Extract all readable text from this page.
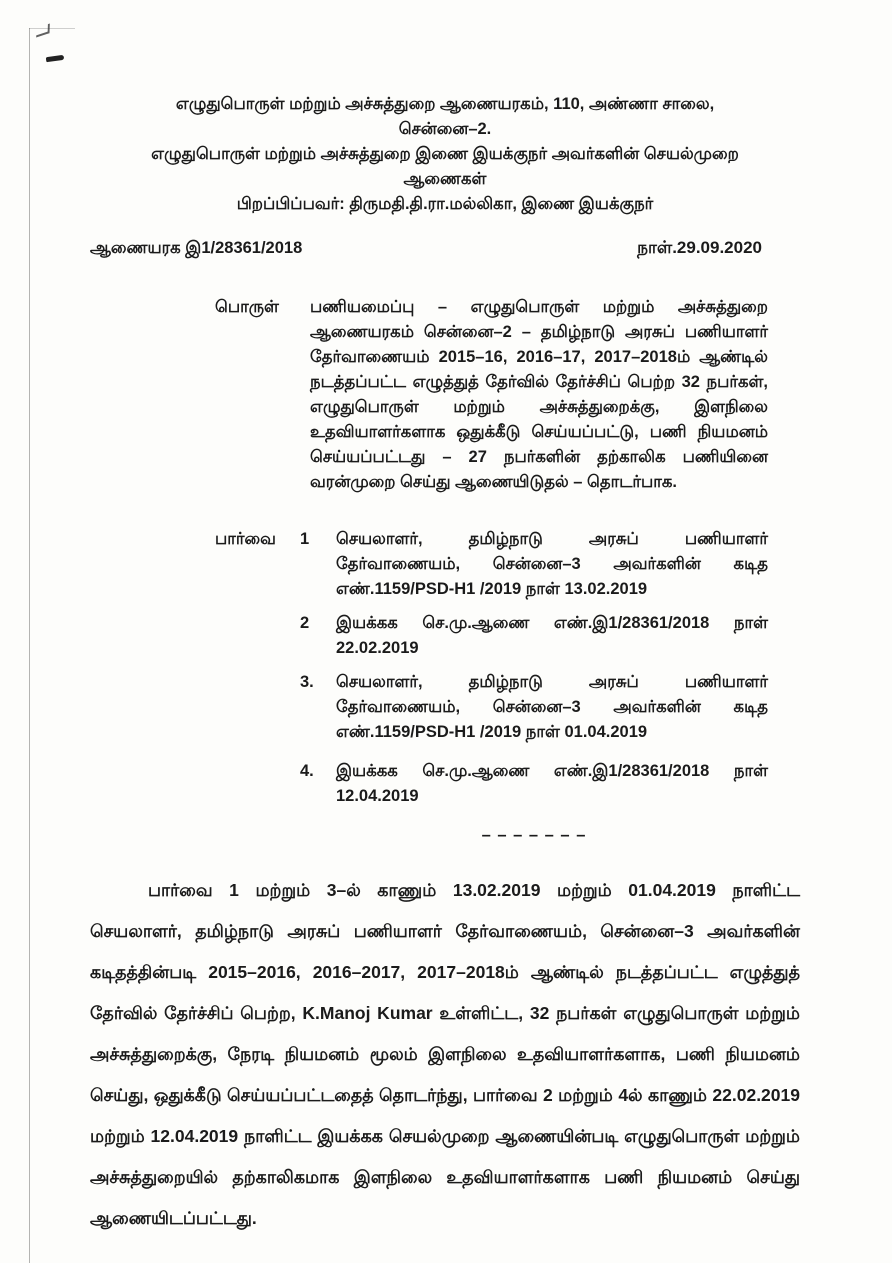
எழுதுபொருள் மற்றும் அச்சுத்துறை ஆணையரகம், 110, அண்ணா சாலை,
சென்னை–2.
எழுதுபொருள் மற்றும் அச்சுத்துறை இணை இயக்குநர் அவர்களின் செயல்முறை ஆணைகள்
பிறப்பிப்பவர்: திருமதி.தி.ரா.மல்லிகா, இணை இயக்குநர்
ஆணையரக இ1/28361/2018	நாள்.29.09.2020
பொருள்	பணியமைப்பு – எழுதுபொருள் மற்றும் அச்சுத்துறை ஆணையரகம் சென்னை–2 – தமிழ்நாடு அரசுப் பணியாளர் தேர்வாணையம் 2015–16, 2016–17, 2017–2018ம் ஆண்டில் நடத்தப்பட்ட எழுத்துத் தேர்வில் தேர்ச்சிப் பெற்ற 32 நபர்கள், எழுதுபொருள் மற்றும் அச்சுத்துறைக்கு, இளநிலை உதவியாளர்களாக ஒதுக்கீடு செய்யப்பட்டு, பணி நியமனம் செய்யப்பட்டது – 27 நபர்களின் தற்காலிக பணியினை வரன்முறை செய்து ஆணையிடுதல் – தொடர்பாக.
பார்வை	1	செயலாளர், தமிழ்நாடு அரசுப் பணியாளர் தேர்வாணையம், சென்னை–3 அவர்களின் கடித எண்.1159/PSD-H1 /2019 நாள் 13.02.2019
2	இயக்கக செ.மு.ஆணை எண்.இ1/28361/2018 நாள் 22.02.2019
3.	செயலாளர், தமிழ்நாடு அரசுப் பணியாளர் தேர்வாணையம், சென்னை–3 அவர்களின் கடித எண்.1159/PSD-H1 /2019 நாள் 01.04.2019
4.	இயக்கக செ.மு.ஆணை எண்.இ1/28361/2018 நாள் 12.04.2019
– – – – – – –
பார்வை 1 மற்றும் 3–ல் காணும் 13.02.2019 மற்றும் 01.04.2019 நாளிட்ட செயலாளர், தமிழ்நாடு அரசுப் பணியாளர் தேர்வாணையம், சென்னை–3 அவர்களின் கடிதத்தின்படி 2015–2016, 2016–2017, 2017–2018ம் ஆண்டில் நடத்தப்பட்ட எழுத்துத் தேர்வில் தேர்ச்சிப் பெற்ற, K.Manoj Kumar உள்ளிட்ட, 32 நபர்கள் எழுதுபொருள் மற்றும் அச்சுத்துறைக்கு, நேரடி நியமனம் மூலம் இளநிலை உதவியாளர்களாக, பணி நியமனம் செய்து, ஒதுக்கீடு செய்யப்பட்டதைத் தொடர்ந்து, பார்வை 2 மற்றும் 4ல் காணும் 22.02.2019 மற்றும் 12.04.2019 நாளிட்ட இயக்கக செயல்முறை ஆணையின்படி எழுதுபொருள் மற்றும் அச்சுத்துறையில் தற்காலிகமாக இளநிலை உதவியாளர்களாக பணி நியமனம் செய்து ஆணையிடப்பட்டது.
